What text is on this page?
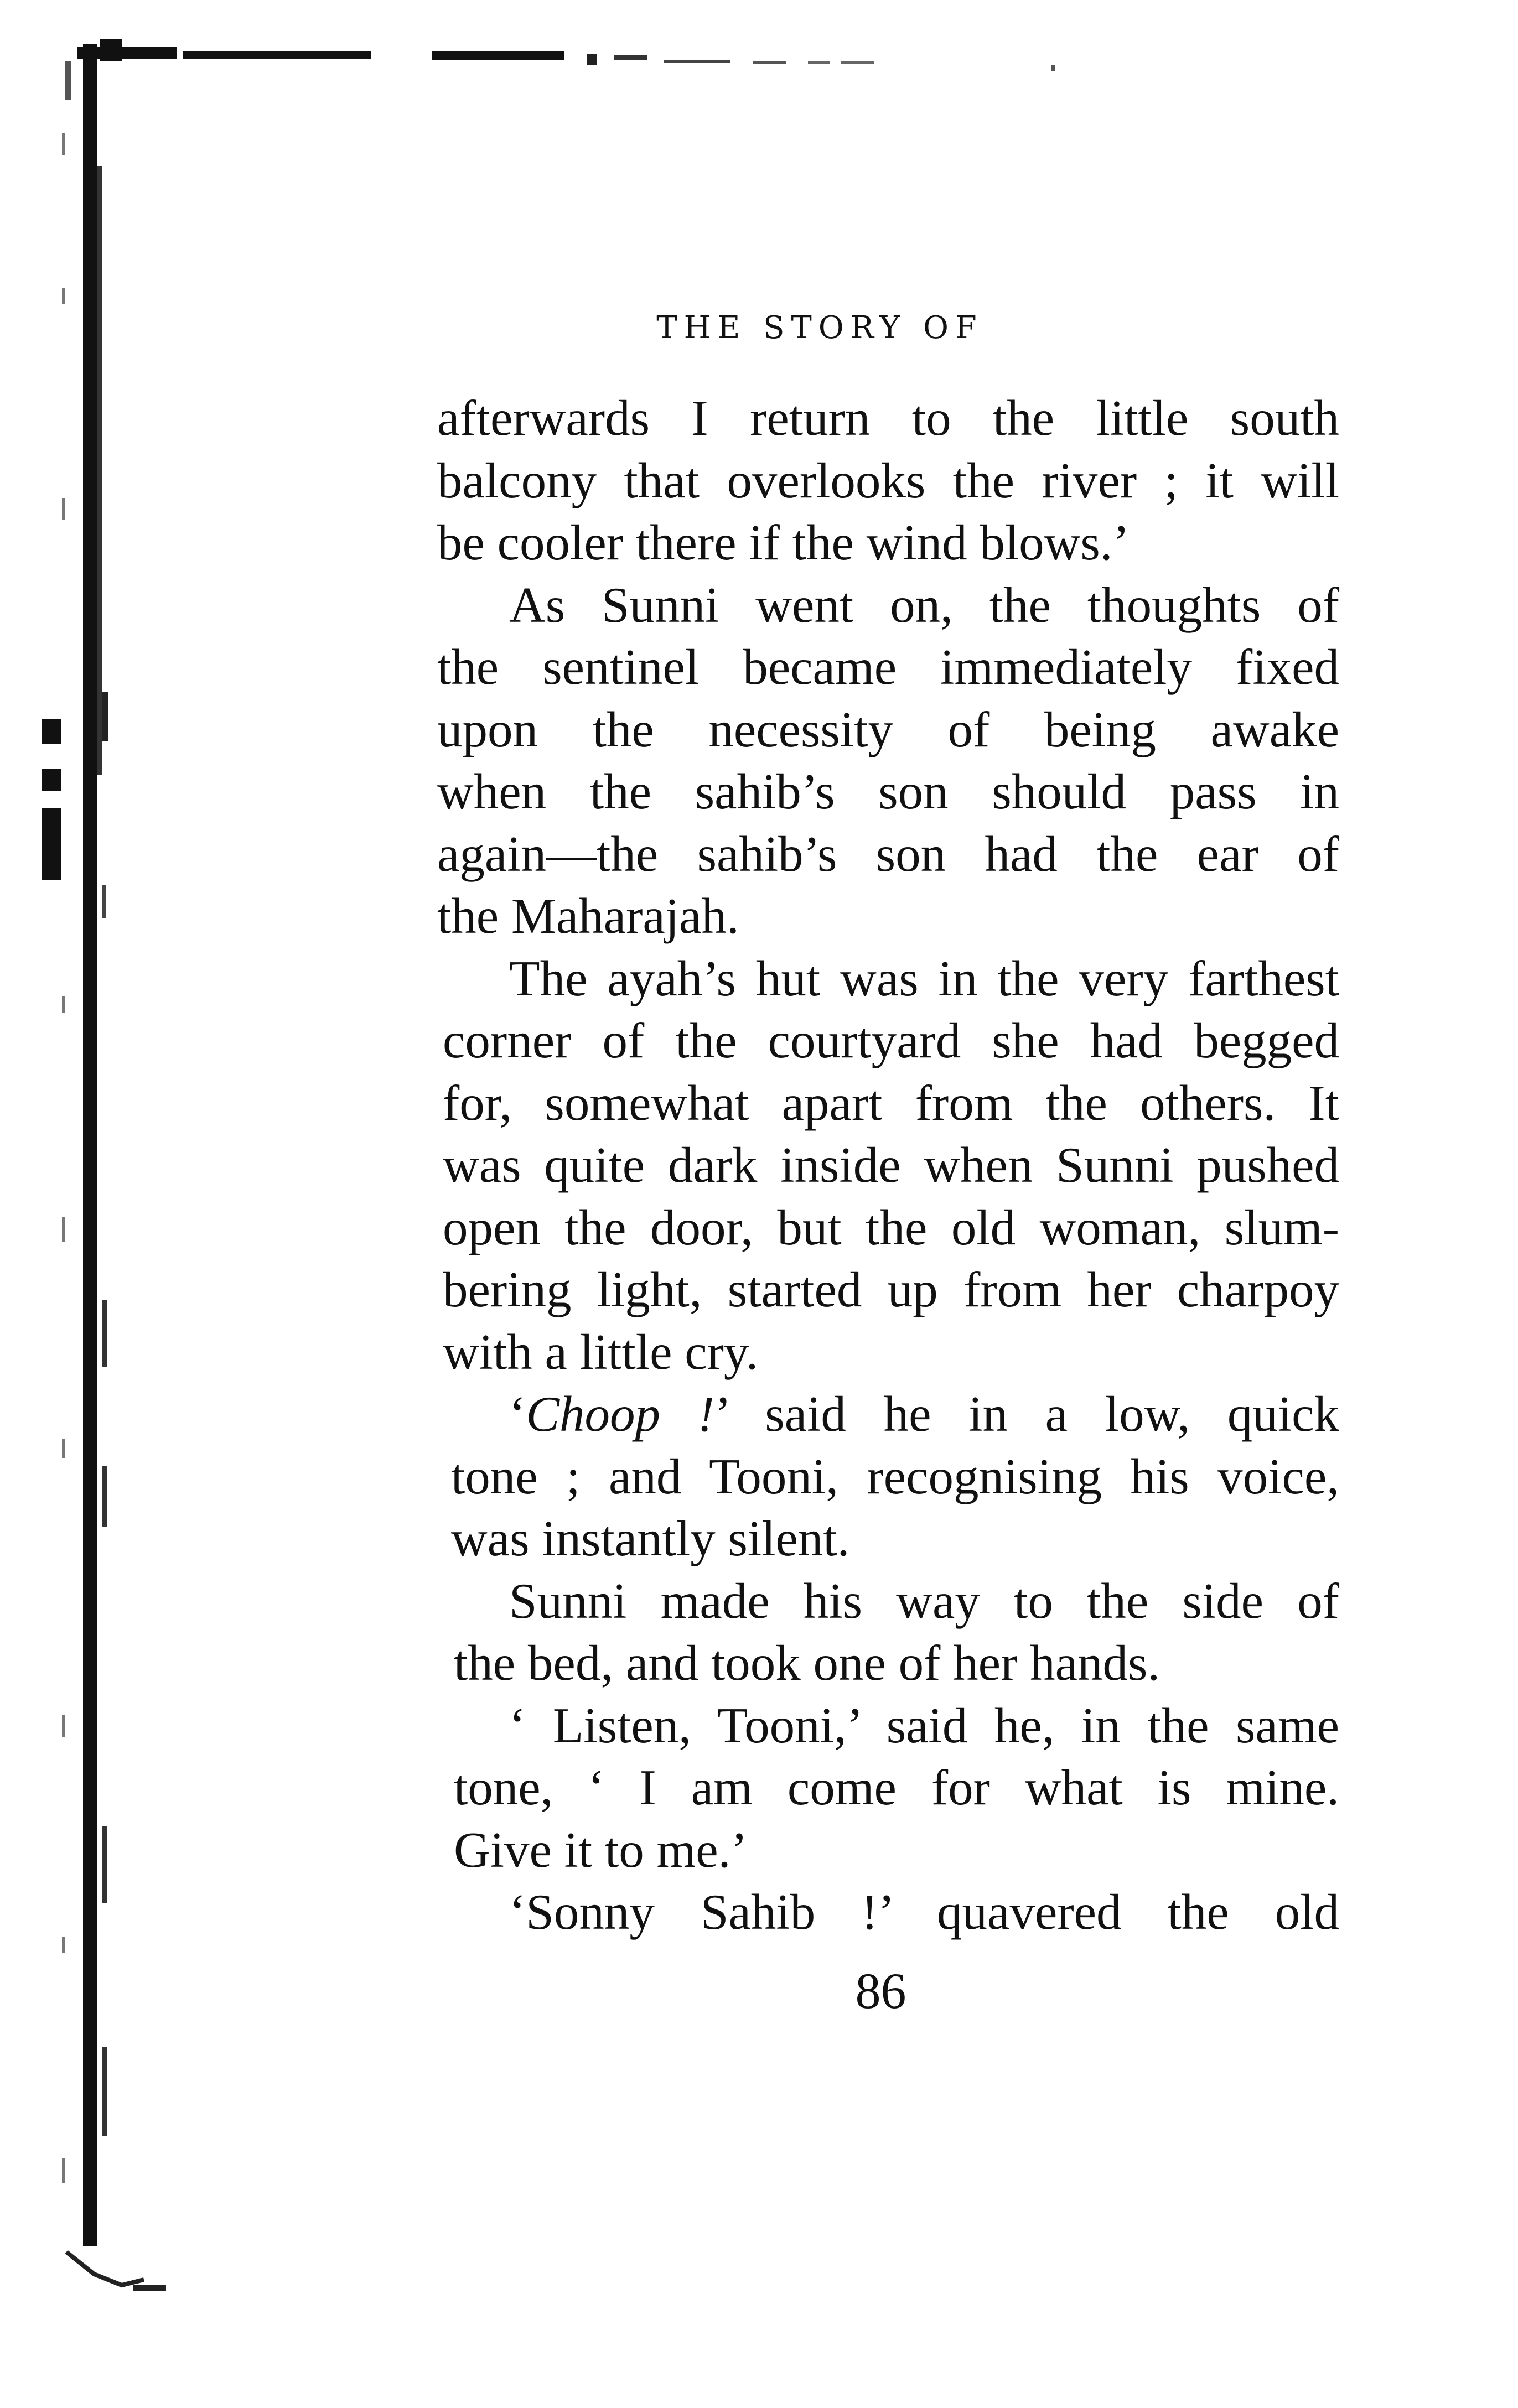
THE STORY OF
afterwards I return to the little south
balcony that overlooks the river ; it will
be cooler there if the wind blows.’
As Sunni went on, the thoughts of
the sentinel became immediately fixed
upon the necessity of being awake
when the sahib’s son should pass in
again—the sahib’s son had the ear of
the Maharajah.
The ayah’s hut was in the very farthest
corner of the courtyard she had begged
for, somewhat apart from the others. It
was quite dark inside when Sunni pushed
open the door, but the old woman, slum-
bering light, started up from her charpoy
with a little cry.
‘Choop !’ said he in a low, quick
tone ; and Tooni, recognising his voice,
was instantly silent.
Sunni made his way to the side of
the bed, and took one of her hands.
‘ Listen, Tooni,’ said he, in the same
tone, ‘ I am come for what is mine.
Give it to me.’
‘Sonny Sahib !’ quavered the old
86
